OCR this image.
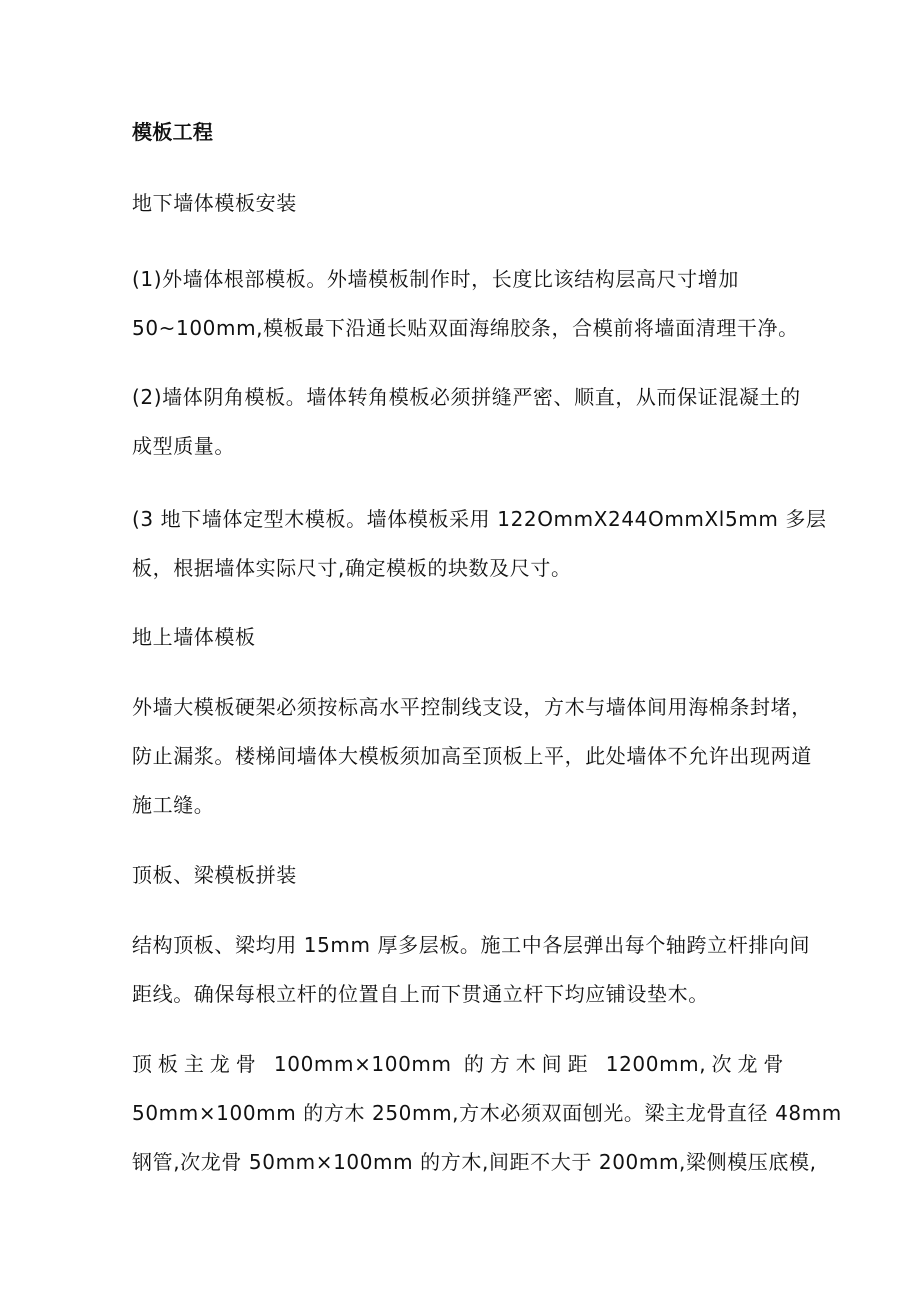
模板工程
地下墙体模板安装
(1)外墙体根部模板。外墙模板制作时，长度比该结构层高尺寸增加
50~100mm,模板最下沿通长贴双面海绵胶条，合模前将墙面清理干净。
(2)墙体阴角模板。墙体转角模板必须拼缝严密、顺直，从而保证混凝土的
成型质量。
(3 地下墙体定型木模板。墙体模板采用 122OmmX244OmmXl5mm 多层
板，根据墙体实际尺寸,确定模板的块数及尺寸。
地上墙体模板
外墙大模板硬架必须按标高水平控制线支设，方木与墙体间用海棉条封堵，
防止漏浆。楼梯间墙体大模板须加高至顶板上平，此处墙体不允许出现两道
施工缝。
顶板、梁模板拼装
结构顶板、梁均用 15mm 厚多层板。施工中各层弹出每个轴跨立杆排向间
距线。确保每根立杆的位置自上而下贯通立杆下均应铺设垫木。
顶板主龙骨 100mm×100mm 的方木间距 1200mm,次龙骨
50mm×100mm 的方木 250mm,方木必须双面刨光。梁主龙骨直径 48mm
钢管,次龙骨 50mm×100mm 的方木,间距不大于 200mm,梁侧模压底模,
